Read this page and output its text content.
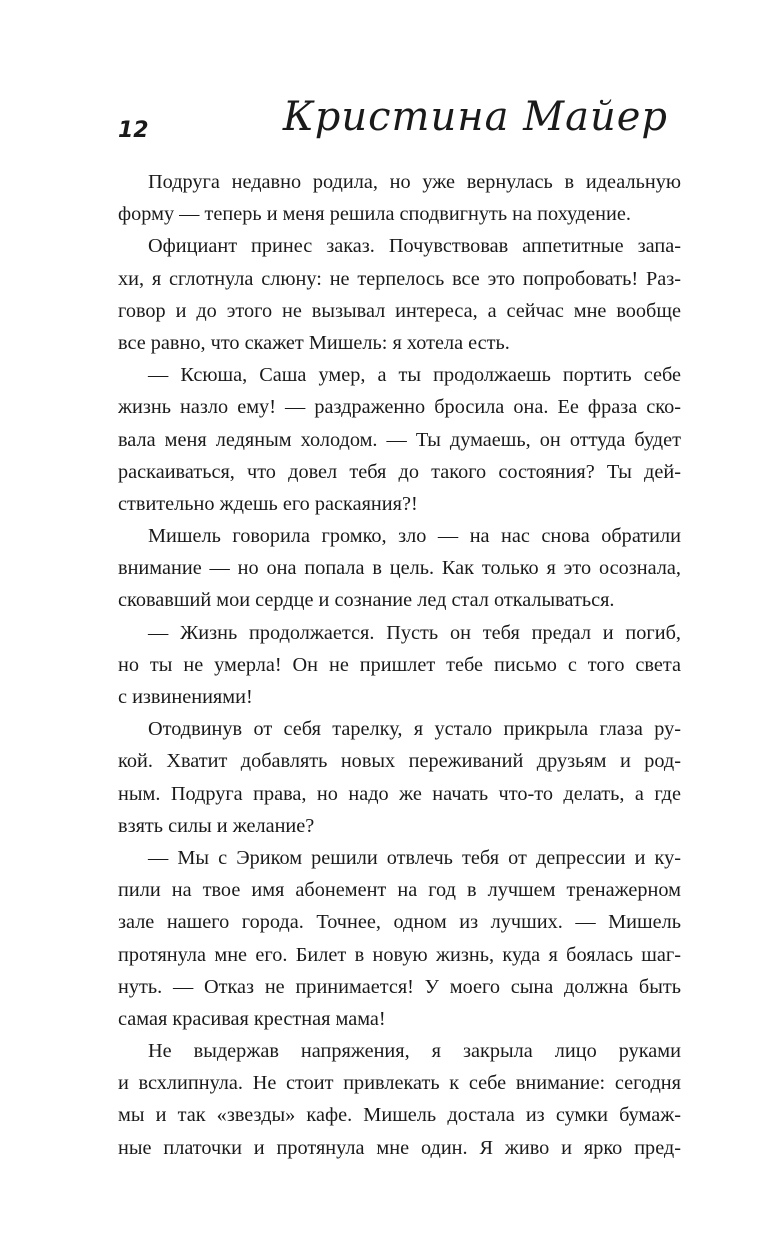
12	Кристина Майер

Подруга недавно родила, но уже вернулась в идеальную
форму — теперь и меня решила сподвигнуть на похудение.

Официант принес заказ. Почувствовав аппетитные запа-
хи, я сглотнула слюну: не терпелось все это попробовать! Раз-
говор и до этого не вызывал интереса, а сейчас мне вообще
все равно, что скажет Мишель: я хотела есть.

— Ксюша, Саша умер, а ты продолжаешь портить себе
жизнь назло ему! — раздраженно бросила она. Ее фраза ско-
вала меня ледяным холодом. — Ты думаешь, он оттуда будет
раскаиваться, что довел тебя до такого состояния? Ты дей-
ствительно ждешь его раскаяния?!

Мишель говорила громко, зло — на нас снова обратили
внимание — но она попала в цель. Как только я это осознала,
сковавший мои сердце и сознание лед стал откалываться.

— Жизнь продолжается. Пусть он тебя предал и погиб,
но ты не умерла! Он не пришлет тебе письмо с того света
с извинениями!

Отодвинув от себя тарелку, я устало прикрыла глаза ру-
кой. Хватит добавлять новых переживаний друзьям и род-
ным. Подруга права, но надо же начать что-то делать, а где
взять силы и желание?

— Мы с Эриком решили отвлечь тебя от депрессии и ку-
пили на твое имя абонемент на год в лучшем тренажерном
зале нашего города. Точнее, одном из лучших. — Мишель
протянула мне его. Билет в новую жизнь, куда я боялась шаг-
нуть. — Отказ не принимается! У моего сына должна быть
самая красивая крестная мама!

Не выдержав напряжения, я закрыла лицо руками
и всхлипнула. Не стоит привлекать к себе внимание: сегодня
мы и так «звезды» кафе. Мишель достала из сумки бумаж-
ные платочки и протянула мне один. Я живо и ярко пред-
